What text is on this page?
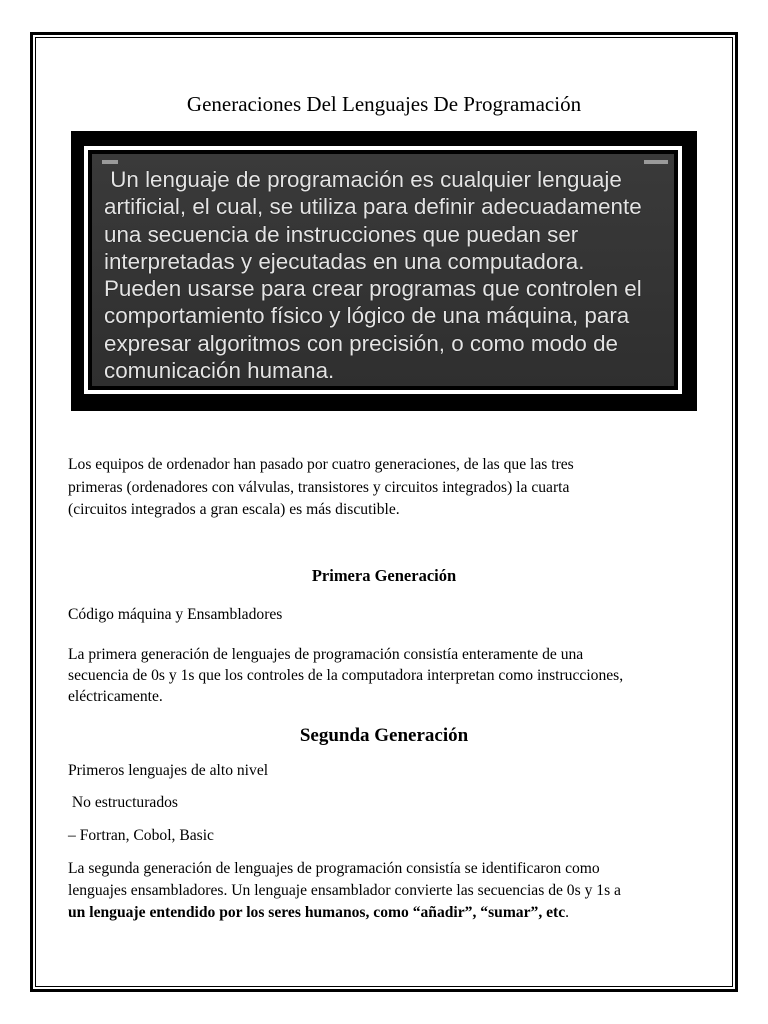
Generaciones Del Lenguajes De Programación
Un lenguaje de programación es cualquier lenguaje
artificial, el cual, se utiliza para definir adecuadamente
una secuencia de instrucciones que puedan ser
interpretadas y ejecutadas en una computadora.
Pueden usarse para crear programas que controlen el
comportamiento físico y lógico de una máquina, para
expresar algoritmos con precisión, o como modo de
comunicación humana.
Los equipos de ordenador han pasado por cuatro generaciones, de las que las tres
primeras (ordenadores con válvulas, transistores y circuitos integrados) la cuarta
(circuitos integrados a gran escala) es más discutible.
Primera Generación
Código máquina y Ensambladores
La primera generación de lenguajes de programación consistía enteramente de una
secuencia de 0s y 1s que los controles de la computadora interpretan como instrucciones,
eléctricamente.
Segunda Generación
Primeros lenguajes de alto nivel
No estructurados
– Fortran, Cobol, Basic
La segunda generación de lenguajes de programación consistía se identificaron como
lenguajes ensambladores. Un lenguaje ensamblador convierte las secuencias de 0s y 1s a
un lenguaje entendido por los seres humanos, como “añadir”, “sumar”, etc.
